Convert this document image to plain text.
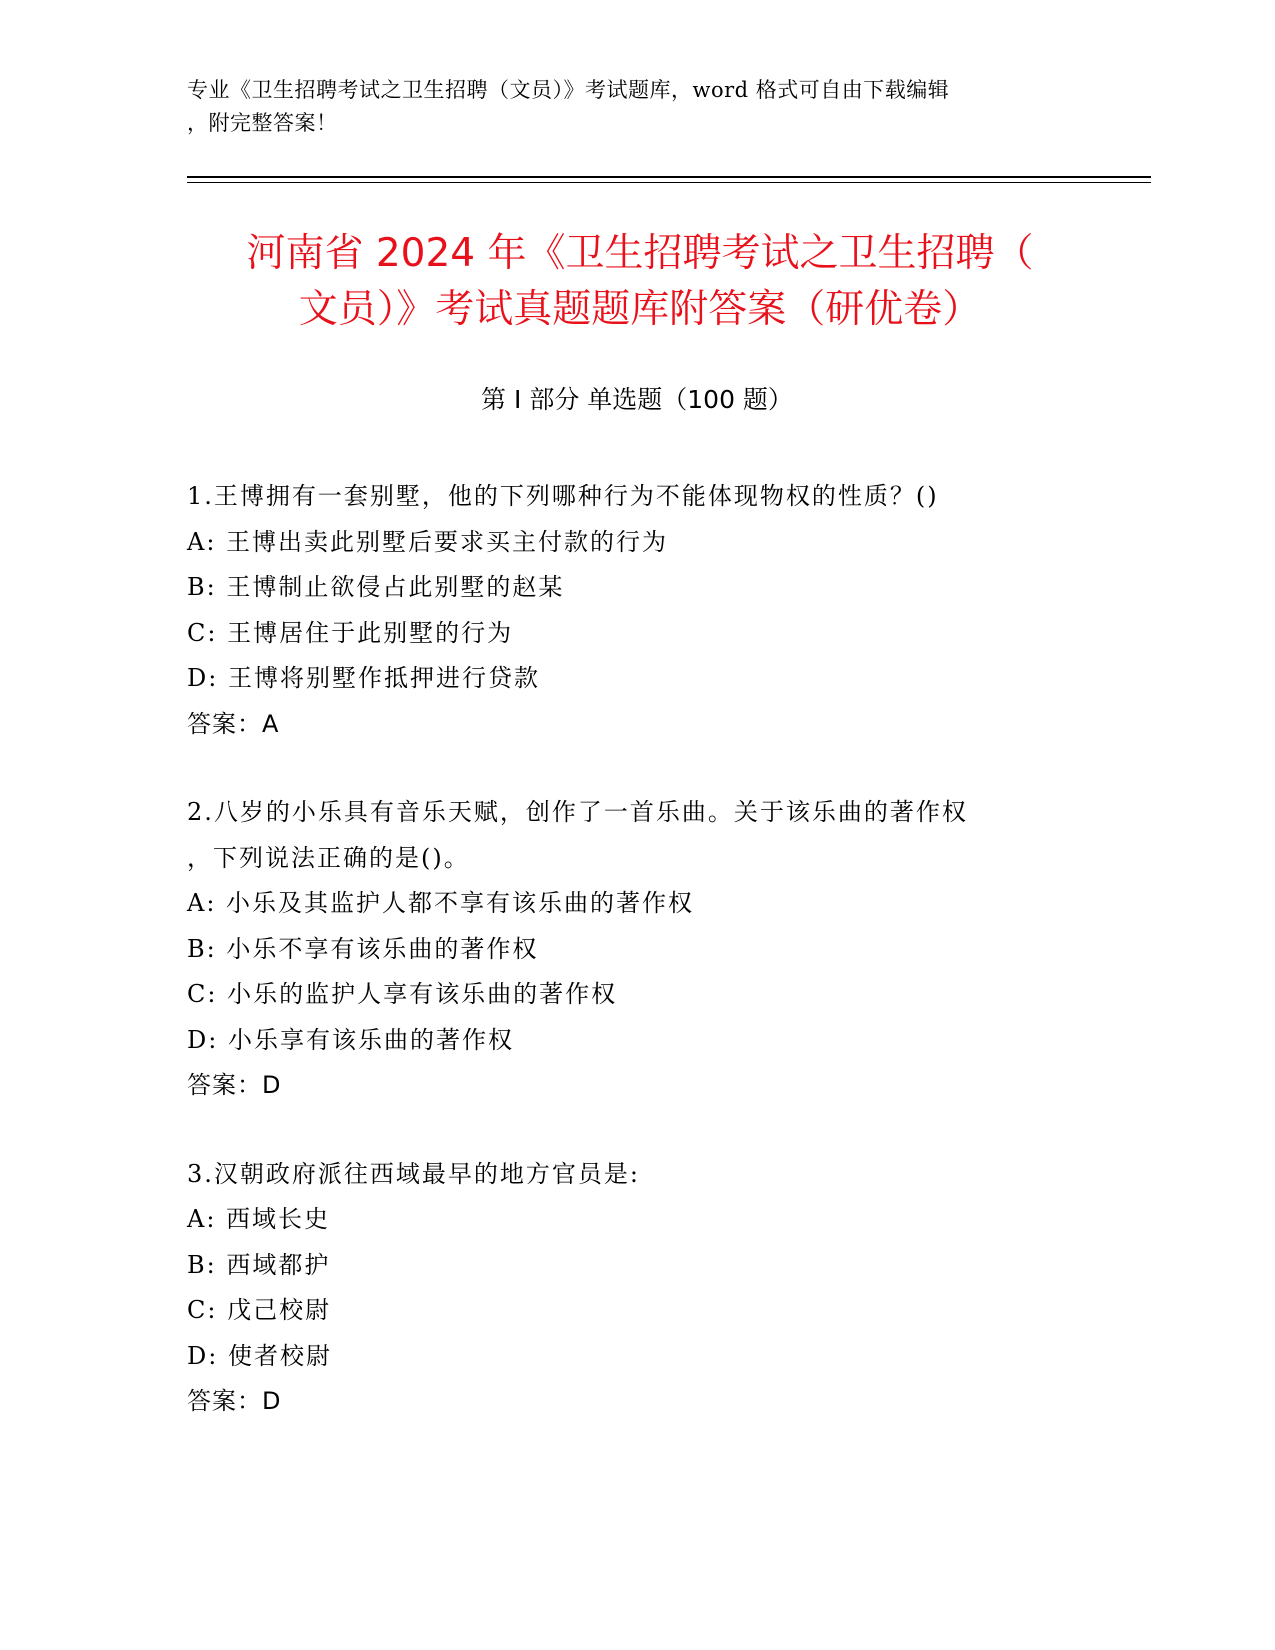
专业《卫生招聘考试之卫生招聘（文员）》考试题库，word 格式可自由下载编辑
，附完整答案！
河南省 2024 年《卫生招聘考试之卫生招聘（
文员）》考试真题题库附答案（研优卷）
第 I 部分 单选题（100 题）
1.王博拥有一套别墅，他的下列哪种行为不能体现物权的性质？()
A: 王博出卖此别墅后要求买主付款的行为
B: 王博制止欲侵占此别墅的赵某
C: 王博居住于此别墅的行为
D: 王博将别墅作抵押进行贷款
答案：A
2.八岁的小乐具有音乐天赋，创作了一首乐曲。关于该乐曲的著作权
，下列说法正确的是()。
A: 小乐及其监护人都不享有该乐曲的著作权
B: 小乐不享有该乐曲的著作权
C: 小乐的监护人享有该乐曲的著作权
D: 小乐享有该乐曲的著作权
答案：D
3.汉朝政府派往西域最早的地方官员是:
A: 西域长史
B: 西域都护
C: 戊己校尉
D: 使者校尉
答案：D
